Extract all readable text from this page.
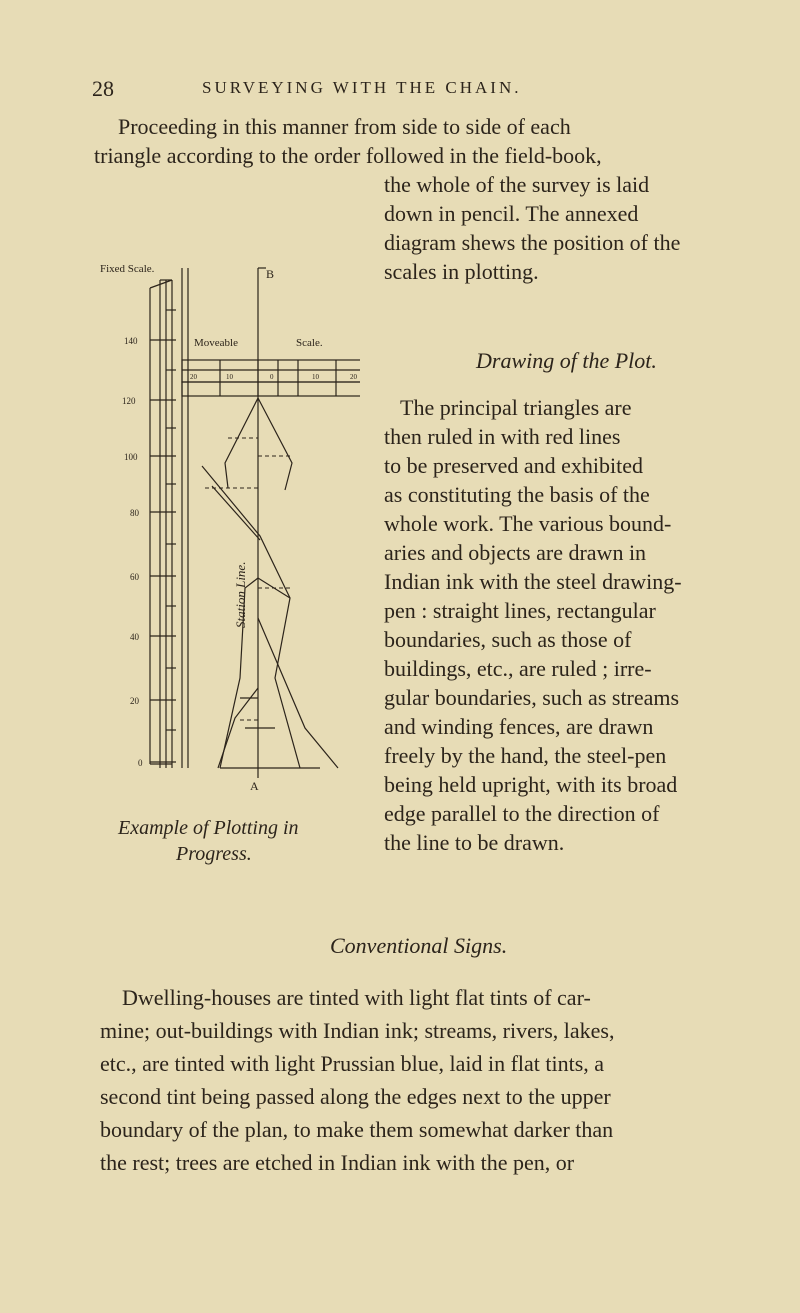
28	SURVEYING WITH THE CHAIN.
Proceeding in this manner from side to side of each
triangle according to the order followed in the field-book,
the whole of the survey is laid
down in pencil. The annexed
diagram shews the position of the
scales in plotting.
Drawing of the Plot.
The principal triangles are
then ruled in with red lines
to be preserved and exhibited
as constituting the basis of the
whole work. The various bound-
aries and objects are drawn in
Indian ink with the steel drawing-
pen : straight lines, rectangular
boundaries, such as those of
buildings, etc., are ruled ; irre-
gular boundaries, such as streams
and winding fences, are drawn
freely by the hand, the steel-pen
being held upright, with its broad
edge parallel to the direction of
the line to be drawn.
Fixed Scale.
Moveable	Scale.
B
A
Station Line.
140
120
100
80
60
40
20
0
20	10	0	10	20
Example of Plotting in
Progress.
Conventional Signs.
Dwelling-houses are tinted with light flat tints of car-
mine; out-buildings with Indian ink; streams, rivers, lakes,
etc., are tinted with light Prussian blue, laid in flat tints, a
second tint being passed along the edges next to the upper
boundary of the plan, to make them somewhat darker than
the rest; trees are etched in Indian ink with the pen, or
